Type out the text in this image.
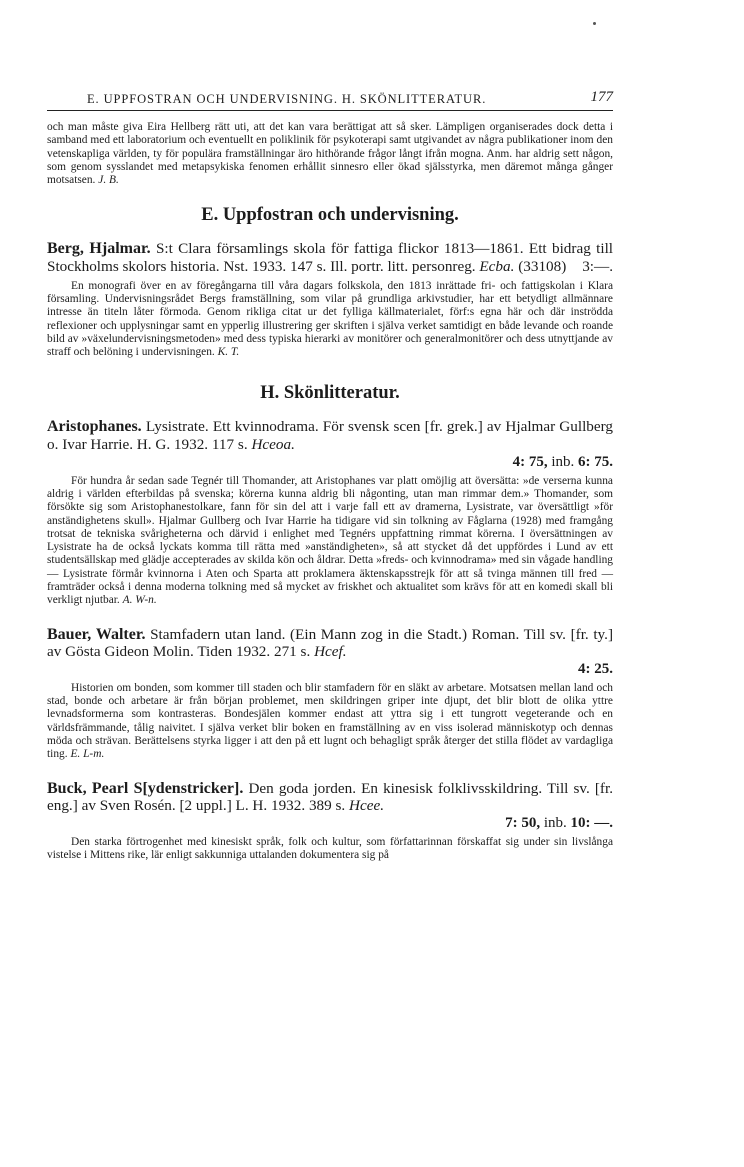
E. UPPFOSTRAN OCH UNDERVISNING. H. SKÖNLITTERATUR.	177

och man måste giva Eira Hellberg rätt uti, att det kan vara berättigat att så sker. Lämpligen organiserades dock detta i samband med ett laboratorium och eventuellt en poliklinik för psykoterapi samt utgivandet av några publikationer inom den vetenskapliga världen, ty för populära framställningar äro hithörande frågor långt ifrån mogna. Anm. har aldrig sett någon, som genom sysslandet med metapsykiska fenomen erhållit sinnesro eller ökad själsstyrka, men däremot många gånger motsatsen. J. B.

E. Uppfostran och undervisning.

Berg, Hjalmar. S:t Clara församlings skola för fattiga flickor 1813—1861. Ett bidrag till Stockholms skolors historia. Nst. 1933. 147 s. Ill. portr. litt. personreg. Ecba. (33108) 3:—.

En monografi över en av föregångarna till våra dagars folkskola, den 1813 inrättade fri- och fattigskolan i Klara församling. Undervisningsrådet Bergs framställning, som vilar på grundliga arkivstudier, har ett betydligt allmännare intresse än titeln låter förmoda. Genom rikliga citat ur det fylliga källmaterialet, förf:s egna här och där inströdda reflexioner och upplysningar samt en ypperlig illustrering ger skriften i själva verket samtidigt en både levande och roande bild av »växelundervisningsmetoden» med dess typiska hierarki av monitörer och generalmonitörer och dess utnyttjande av straff och belöning i undervisningen. K. T.

H. Skönlitteratur.

Aristophanes. Lysistrate. Ett kvinnodrama. För svensk scen [fr. grek.] av Hjalmar Gullberg o. Ivar Harrie. H. G. 1932. 117 s. Hceoa.

4: 75, inb. 6: 75.

För hundra år sedan sade Tegnér till Thomander, att Aristophanes var platt omöjlig att översätta: »de verserna kunna aldrig i världen efterbildas på svenska; körerna kunna aldrig bli någonting, utan man rimmar dem.» Thomander, som försökte sig som Aristophanestolkare, fann för sin del att i varje fall ett av dramerna, Lysistrate, var översättligt »för anständighetens skull». Hjalmar Gullberg och Ivar Harrie ha tidigare vid sin tolkning av Fåglarna (1928) med framgång trotsat de tekniska svårigheterna och därvid i enlighet med Tegnérs uppfattning rimmat körerna. I översättningen av Lysistrate ha de också lyckats komma till rätta med »anständigheten», så att stycket då det uppfördes i Lund av ett studentsällskap med glädje accepterades av skilda kön och åldrar. Detta »freds- och kvinnodrama» med sin vågade handling — Lysistrate förmår kvinnorna i Aten och Sparta att proklamera äktenskapsstrejk för att så tvinga männen till fred — framträder också i denna moderna tolkning med så mycket av friskhet och aktualitet som krävs för att en komedi skall bli verkligt njutbar. A. W-n.

Bauer, Walter. Stamfadern utan land. (Ein Mann zog in die Stadt.) Roman. Till sv. [fr. ty.] av Gösta Gideon Molin. Tiden 1932. 271 s. Hcef.

4: 25.

Historien om bonden, som kommer till staden och blir stamfadern för en släkt av arbetare. Motsatsen mellan land och stad, bonde och arbetare är från början problemet, men skildringen griper inte djupt, det blir blott de olika yttre levnadsformerna som kontrasteras. Bondesjälen kommer endast att yttra sig i ett tungrott vegeterande och en världsfrämmande, tålig naivitet. I själva verket blir boken en framställning av en viss isolerad människotyp och dennas möda och strävan. Berättelsens styrka ligger i att den på ett lugnt och behagligt språk återger det stilla flödet av vardagliga ting. E. L-m.

Buck, Pearl S[ydenstricker]. Den goda jorden. En kinesisk folklivsskildring. Till sv. [fr. eng.] av Sven Rosén. [2 uppl.] L. H. 1932. 389 s. Hcee.

7: 50, inb. 10: —.

Den starka förtrogenhet med kinesiskt språk, folk och kultur, som författarinnan förskaffat sig under sin livslånga vistelse i Mittens rike, lär enligt sakkunniga uttalanden dokumentera sig på
